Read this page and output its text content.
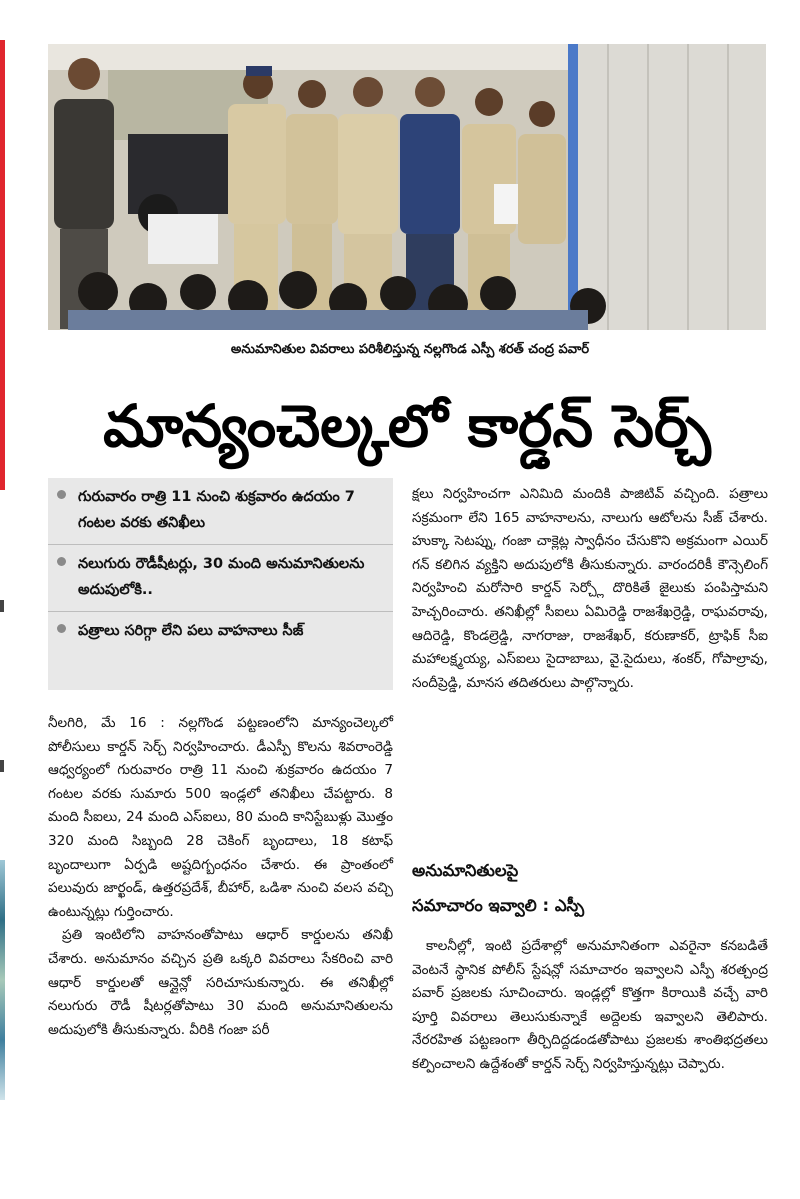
అనుమానితుల వివరాలు పరిశీలిస్తున్న నల్లగొండ ఎస్పీ శరత్ చంద్ర పవార్
మాన్యంచెల్కలో కార్డన్ సెర్చ్
గురువారం రాత్రి 11 నుంచి శుక్రవారం ఉదయం 7 గంటల వరకు తనిఖీలు
నలుగురు రౌడీషీటర్లు, 30 మంది అనుమానితులను అదుపులోకి..
పత్రాలు సరిగ్గా లేని పలు వాహనాలు సీజ్

నీలగిరి, మే 16 : నల్లగొండ పట్టణంలోని మాన్యంచెల్కలో పోలీసులు కార్డన్ సెర్చ్ నిర్వహించారు. డీఎస్పీ కొలను శివరాంరెడ్డి ఆధ్వర్యంలో గురువారం రాత్రి 11 నుంచి శుక్రవారం ఉదయం 7 గంటల వరకు సుమారు 500 ఇండ్లలో తనిఖీలు చేపట్టారు. 8 మంది సీఐలు, 24 మంది ఎస్ఐలు, 80 మంది కానిస్టేబుళ్లు మొత్తం 320 మంది సిబ్బంది 28 చెకింగ్ బృందాలు, 18 కటాఫ్ బృందాలుగా ఏర్పడి అష్టదిగ్బంధనం చేశారు. ఈ ప్రాంతంలో పలువురు జార్ఖండ్, ఉత్తరప్రదేశ్, బీహార్, ఒడిశా నుంచి వలస వచ్చి ఉంటున్నట్లు గుర్తించారు.

ప్రతి ఇంటిలోని వాహనంతోపాటు ఆధార్ కార్డులను తనిఖీ చేశారు. అనుమానం వచ్చిన ప్రతి ఒక్కరి వివరాలు సేకరించి వారి ఆధార్ కార్డులతో ఆన్లైన్లో సరిచూసుకున్నారు. ఈ తనిఖీల్లో నలుగురు రౌడీ షీటర్లతోపాటు 30 మంది అనుమానితులను అదుపులోకి తీసుకున్నారు. వీరికి గంజా పరీ

క్షలు నిర్వహించగా ఎనిమిది మందికి పాజిటివ్ వచ్చింది. పత్రాలు సక్రమంగా లేని 165 వాహనాలను, నాలుగు ఆటోలను సీజ్ చేశారు. హుక్కా సెటప్ను, గంజా చాక్లెట్ల స్వాధీనం చేసుకొని అక్రమంగా ఎయిర్ గన్ కలిగిన వ్యక్తిని అదుపులోకి తీసుకున్నారు. వారందరికీ కౌన్సెలింగ్ నిర్వహించి మరోసారి కార్డన్ సెర్చ్లో దొరికితే జైలుకు పంపిస్తామని హెచ్చరించారు. తనిఖీల్లో సీఐలు ఏమిరెడ్డి రాజశేఖర్రెడ్డి, రాఘవరావు, ఆదిరెడ్డి, కొండల్రెడ్డి, నాగరాజు, రాజశేఖర్, కరుణాకర్, ట్రాఫిక్ సీఐ మహాలక్ష్మయ్య, ఎస్ఐలు సైదాబాబు, వై.సైదులు, శంకర్, గోపాల్రావు, సందీప్రెడ్డి, మానస తదితరులు పాల్గొన్నారు.

అనుమానితులపై
సమాచారం ఇవ్వాలి : ఎస్పీ

కాలనీల్లో, ఇంటి ప్రదేశాల్లో అనుమానితంగా ఎవరైనా కనబడితే వెంటనే స్థానిక పోలీస్ స్టేషన్లో సమాచారం ఇవ్వాలని ఎస్పీ శరత్చంద్ర పవార్ ప్రజలకు సూచించారు. ఇండ్లల్లో కొత్తగా కిరాయికి వచ్చే వారి పూర్తి వివరాలు తెలుసుకున్నాకే అద్దెలకు ఇవ్వాలని తెలిపారు. నేరరహిత పట్టణంగా తీర్చిదిద్దడండతోపాటు ప్రజలకు శాంతిభద్రతలు కల్పించాలని ఉద్దేశంతో కార్డన్ సెర్చ్ నిర్వహిస్తున్నట్లు చెప్పారు.
